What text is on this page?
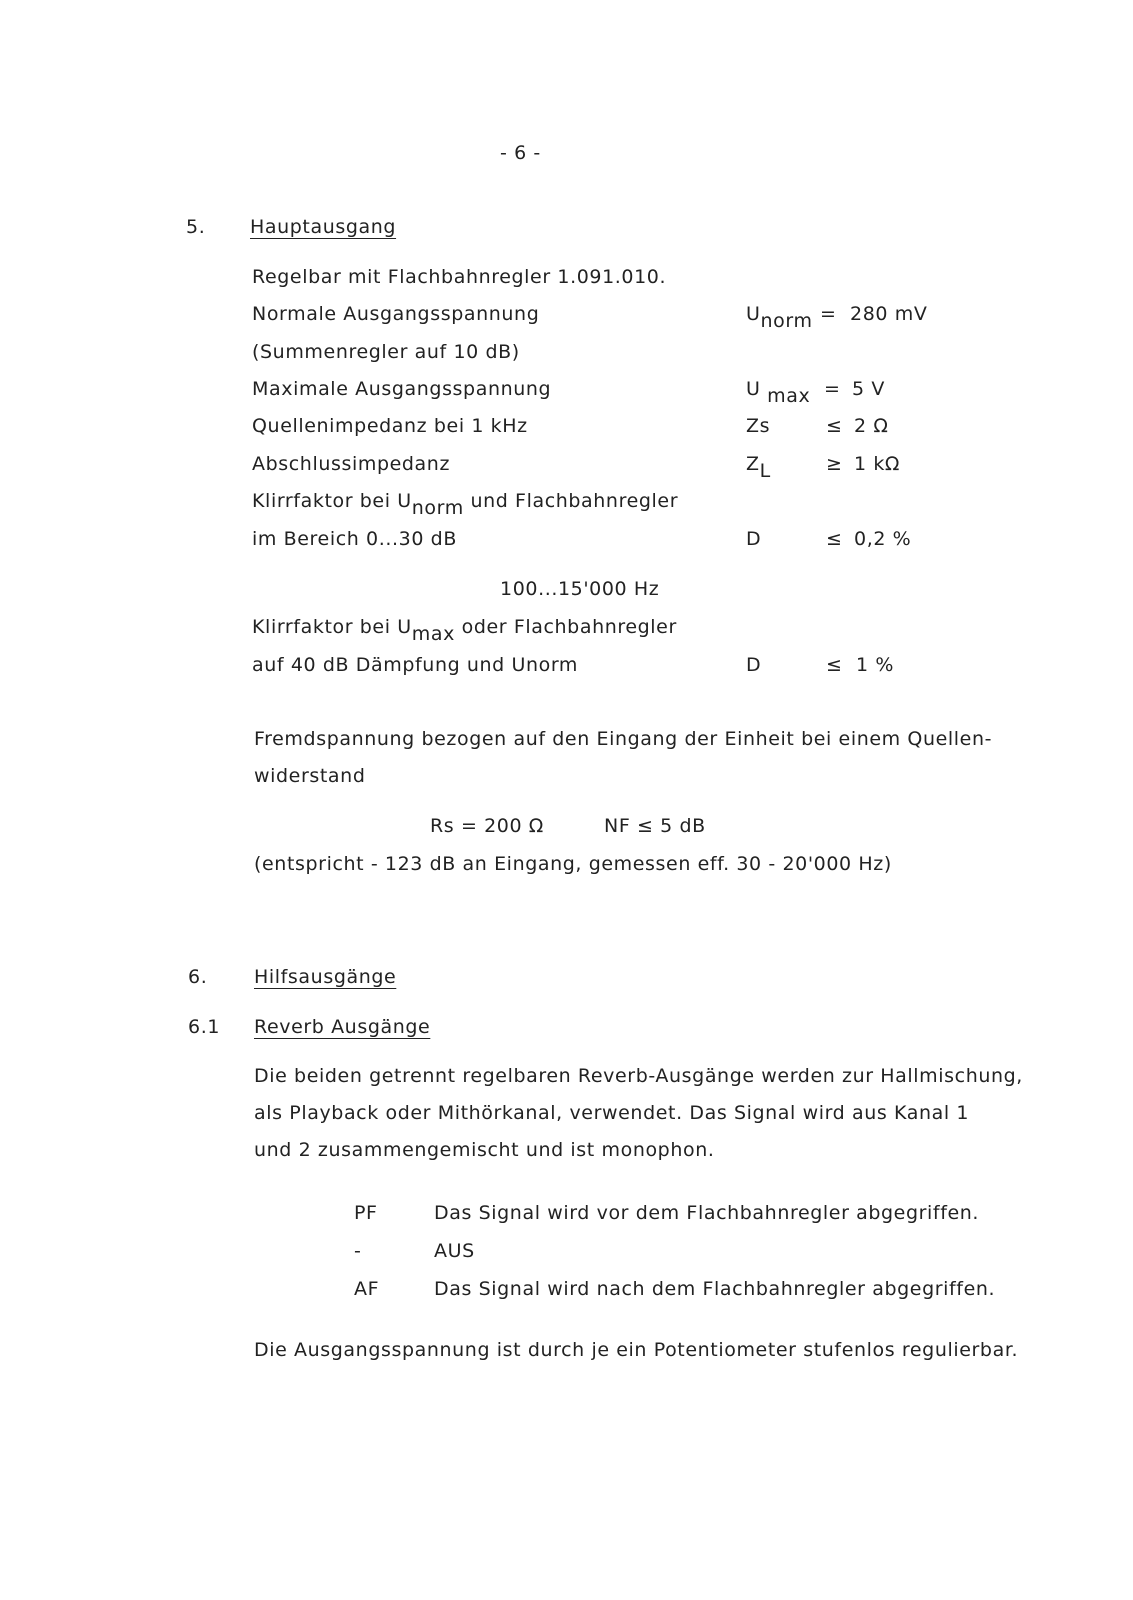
- 6 -
5. Hauptausgang
Regelbar mit Flachbahnregler 1.091.010.
Normale Ausgangsspannung	$U_{norm} = 280$ mV
(Summenregler auf 10 dB)
Maximale Ausgangsspannung	U $_{max}$ = 5 V
Quellenimpedanz bei 1 kHz	Zs	≤ 2 Ω
Abschlussimpedanz	$Z_L$	≥ 1 kΩ
Klirrfaktor bei $U_{norm}$ und Flachbahnregler
im Bereich 0...30 dB	D	≤ 0,2 %
100...15'000 Hz
Klirrfaktor bei $U_{max}$ oder Flachbahnregler
auf 40 dB Dämpfung und Unorm	D	≤ 1 %
Fremdspannung bezogen auf den Eingang der Einheit bei einem Quellen-
widerstand
Rs = 200 Ω	NF ≤ 5 dB
(entspricht - 123 dB an Eingang, gemessen eff. 30 - 20'000 Hz)
6. Hilfsausgänge
6.1 Reverb Ausgänge
Die beiden getrennt regelbaren Reverb-Ausgänge werden zur Hallmischung,
als Playback oder Mithörkanal, verwendet. Das Signal wird aus Kanal 1
und 2 zusammengemischt und ist monophon.
PF	Das Signal wird vor dem Flachbahnregler abgegriffen.
-	AUS
AF	Das Signal wird nach dem Flachbahnregler abgegriffen.
Die Ausgangsspannung ist durch je ein Potentiometer stufenlos regulierbar.
